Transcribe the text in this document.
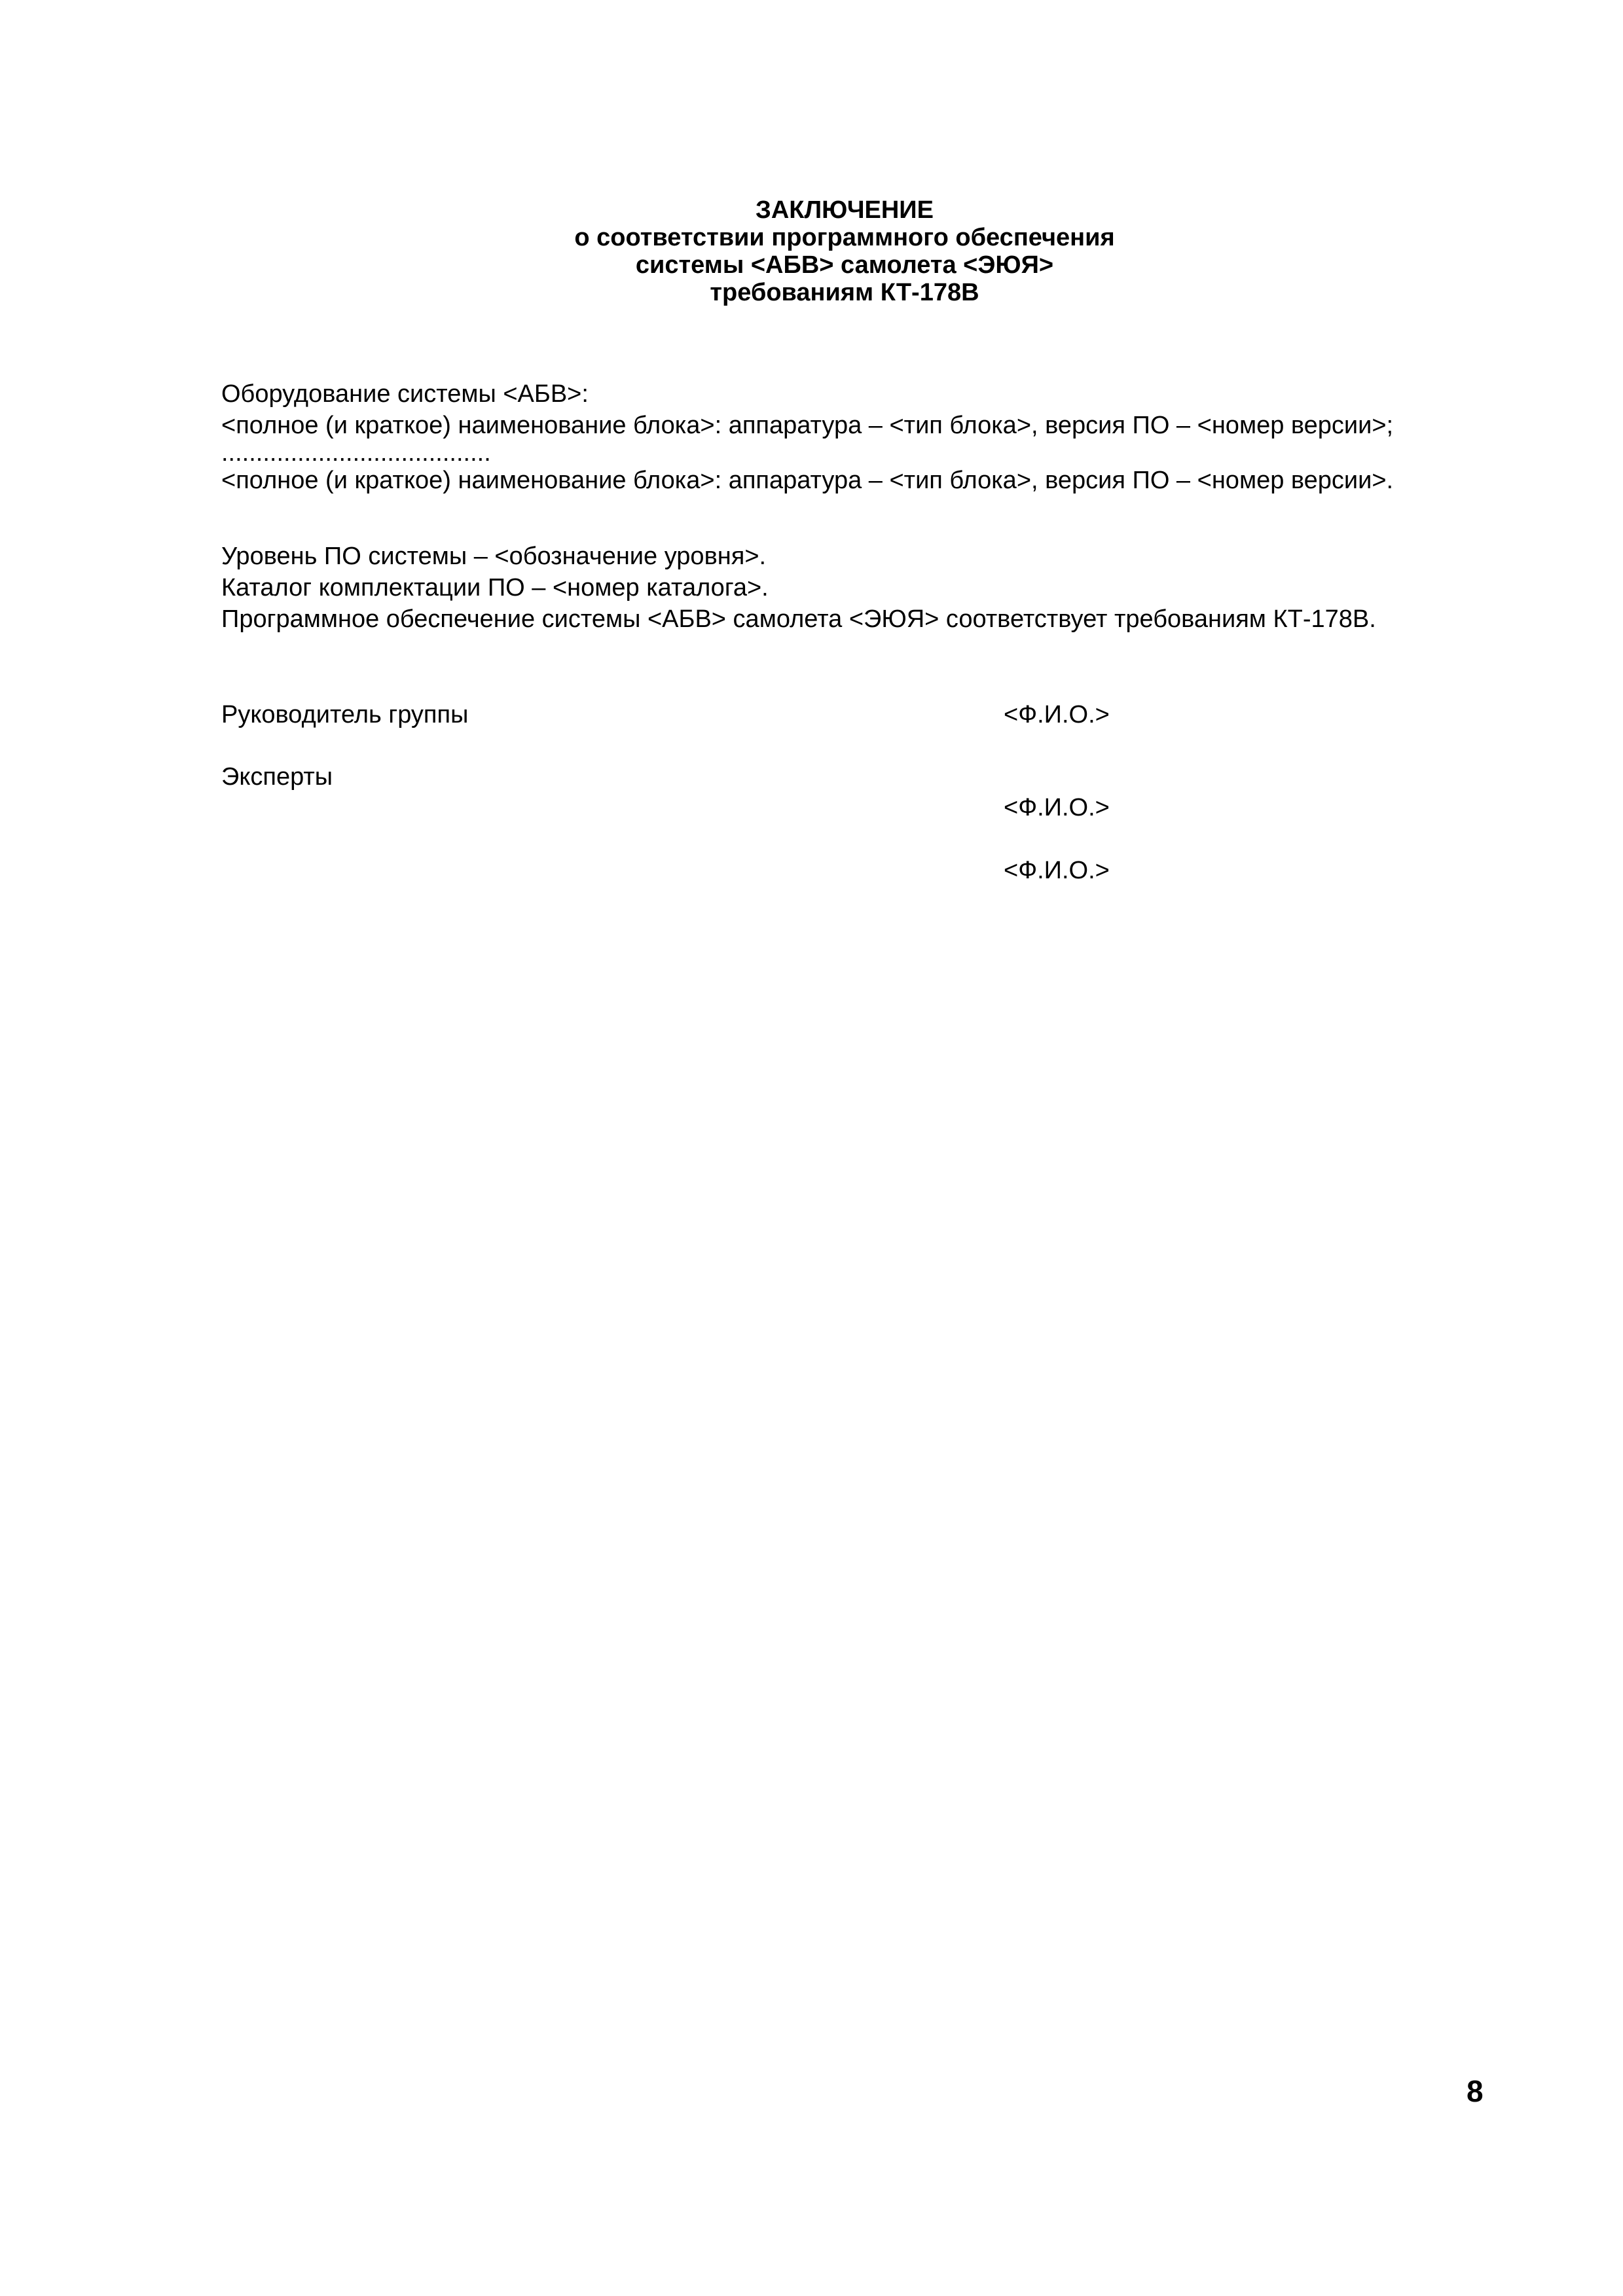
ЗАКЛЮЧЕНИЕ
о соответствии программного обеспечения
системы <АБВ> самолета <ЭЮЯ>
требованиям КТ-178В
Оборудование системы <АБВ>:
<полное (и краткое) наименование блока>: аппаратура – <тип блока>, версия ПО – <номер версии>;
.......................................
<полное (и краткое) наименование блока>: аппаратура – <тип блока>, версия ПО – <номер версии>.
Уровень ПО системы – <обозначение уровня>.
Каталог комплектации ПО – <номер каталога>.
Программное обеспечение системы <АБВ> самолета <ЭЮЯ> соответствует требованиям КТ-178В.
Руководитель группы	<Ф.И.О.>
Эксперты
<Ф.И.О.>
<Ф.И.О.>
8
